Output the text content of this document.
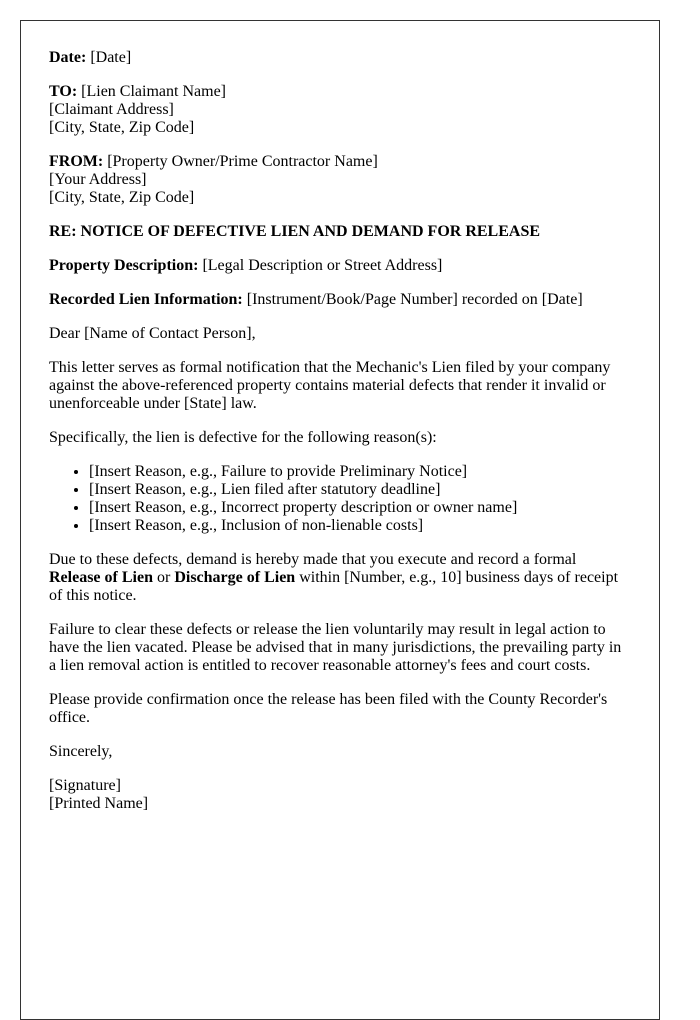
Date: [Date]

TO: [Lien Claimant Name]
[Claimant Address]
[City, State, Zip Code]

FROM: [Property Owner/Prime Contractor Name]
[Your Address]
[City, State, Zip Code]

RE: NOTICE OF DEFECTIVE LIEN AND DEMAND FOR RELEASE

Property Description: [Legal Description or Street Address]

Recorded Lien Information: [Instrument/Book/Page Number] recorded on [Date]

Dear [Name of Contact Person],

This letter serves as formal notification that the Mechanic's Lien filed by your company against the above-referenced property contains material defects that render it invalid or unenforceable under [State] law.

Specifically, the lien is defective for the following reason(s):

• [Insert Reason, e.g., Failure to provide Preliminary Notice]
• [Insert Reason, e.g., Lien filed after statutory deadline]
• [Insert Reason, e.g., Incorrect property description or owner name]
• [Insert Reason, e.g., Inclusion of non-lienable costs]

Due to these defects, demand is hereby made that you execute and record a formal Release of Lien or Discharge of Lien within [Number, e.g., 10] business days of receipt of this notice.

Failure to clear these defects or release the lien voluntarily may result in legal action to have the lien vacated. Please be advised that in many jurisdictions, the prevailing party in a lien removal action is entitled to recover reasonable attorney's fees and court costs.

Please provide confirmation once the release has been filed with the County Recorder's office.

Sincerely,

[Signature]
[Printed Name]
